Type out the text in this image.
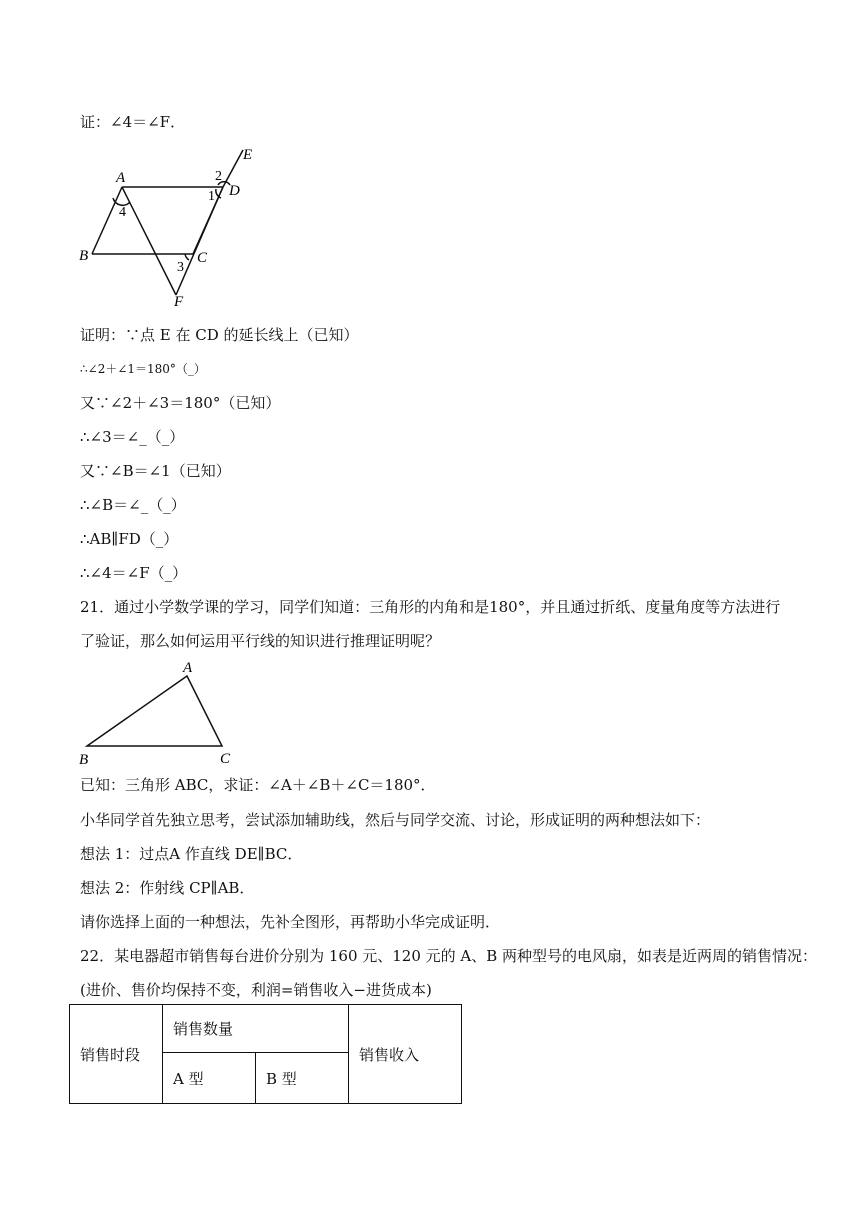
证：∠4＝∠F．
A
B	C
D
E
F
1
2
3
4
证明：∵点 E 在 CD 的延长线上（已知）
∴∠2＋∠1＝180°（_）
又∵∠2＋∠3＝180°（已知）
∴∠3＝∠_（_）
又∵∠B＝∠1（已知）
∴∠B＝∠_（_）
∴AB∥FD（_）
∴∠4＝∠F（_）
21．通过小学数学课的学习，同学们知道：三角形的内角和是180°，并且通过折纸、度量角度等方法进行
了验证，那么如何运用平行线的知识进行推理证明呢？
A
B	C
已知：三角形 ABC，求证：∠A＋∠B＋∠C＝180°．
小华同学首先独立思考，尝试添加辅助线，然后与同学交流、讨论，形成证明的两种想法如下：
想法 1：过点A 作直线 DE∥BC．
想法 2：作射线 CP∥AB．
请你选择上面的一种想法，先补全图形，再帮助小华完成证明．
22．某电器超市销售每台进价分别为 160 元、120 元的 A、B 两种型号的电风扇，如表是近两周的销售情况：
(进价、售价均保持不变，利润=销售收入−进货成本)
销售时段	销售数量		销售收入
	A 型	B 型	
